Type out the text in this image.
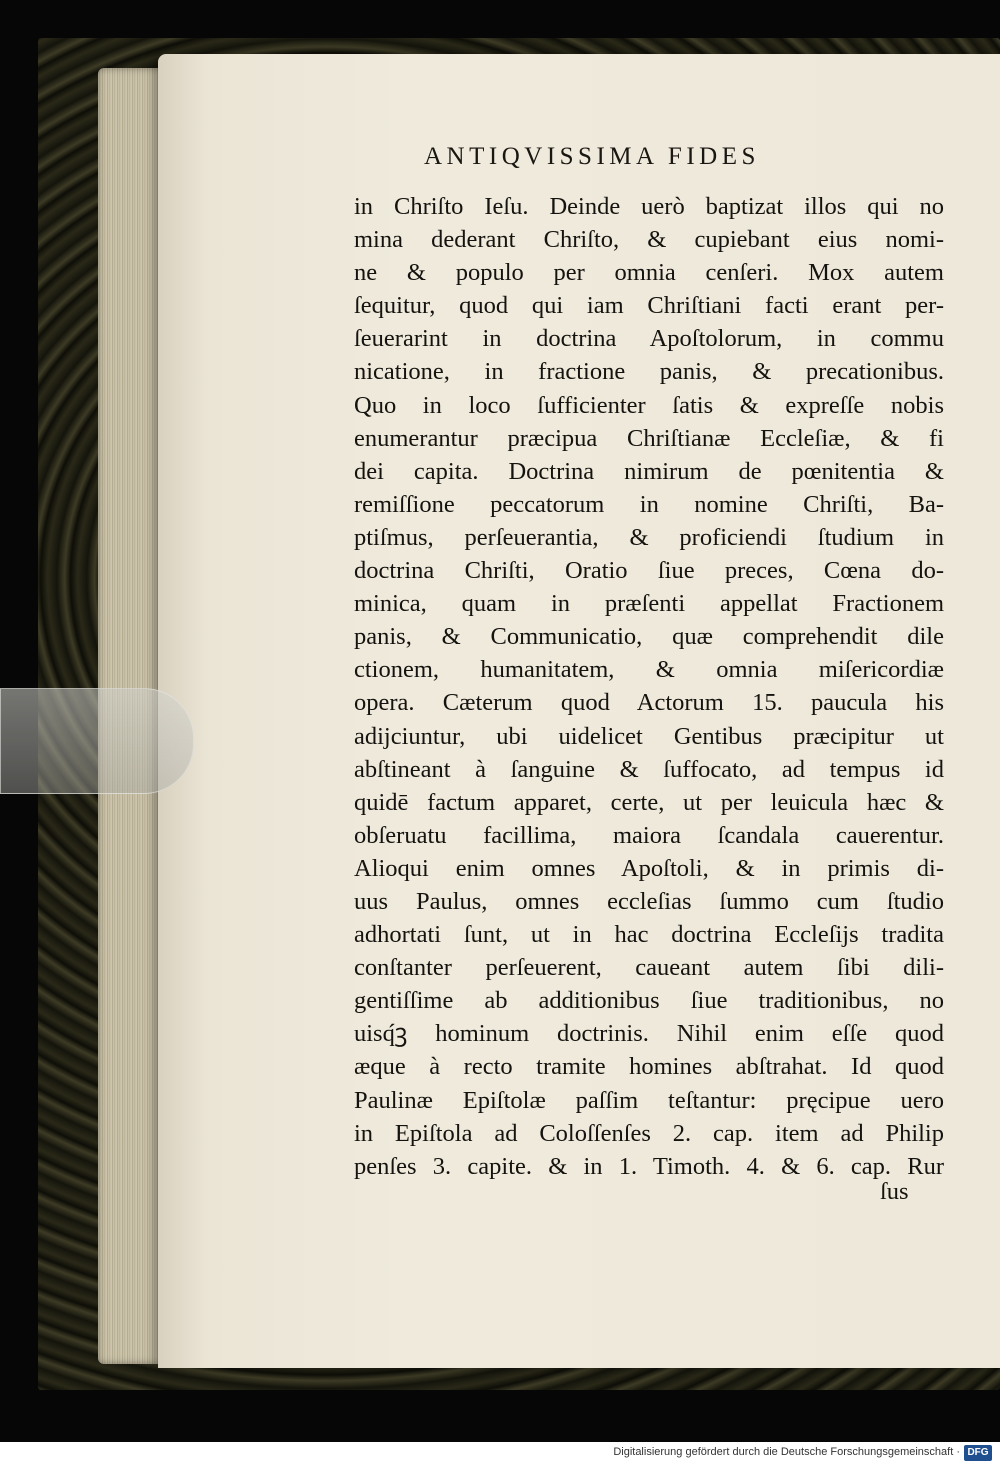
ANTIQVISSIMA FIDES
in Chriſto Ieſu. Deinde uerò baptizat illos qui no
mina dederant Chriſto, & cupiebant eius nomi-
ne & populo per omnia cenſeri. Mox autem
ſequitur, quod qui iam Chriſtiani facti erant per-
ſeuerarint in doctrina Apoſtolorum, in commu
nicatione, in fractione panis, & precationibus.
Quo in loco ſufficienter ſatis & expreſſe nobis
enumerantur præcipua Chriſtianæ Eccleſiæ, & fi
dei capita. Doctrina nimirum de pœnitentia &
remiſſione peccatorum in nomine Chriſti, Ba-
ptiſmus, perſeuerantia, & proficiendi ſtudium in
doctrina Chriſti, Oratio ſiue preces, Cœna do-
minica, quam in præſenti appellat Fractionem
panis, & Communicatio, quæ comprehendit dile
ctionem, humanitatem, & omnia miſericordiæ
opera. Cæterum quod Actorum 15. paucula his
adijciuntur, ubi uidelicet Gentibus præcipitur ut
abſtineant à ſanguine & ſuffocato, ad tempus id
quidē factum apparet, certe, ut per leuicula hæc &
obſeruatu facillima, maiora ſcandala cauerentur.
Alioqui enim omnes Apoſtoli, & in primis di-
uus Paulus, omnes eccleſias ſummo cum ſtudio
adhortati ſunt, ut in hac doctrina Eccleſijs tradita
conſtanter perſeuerent, caueant autem ſibi dili-
gentiſſime ab additionibus ſiue traditionibus, no
uisq́ꝫ hominum doctrinis. Nihil enim eſſe quod
æque à recto tramite homines abſtrahat. Id quod
Paulinæ Epiſtolæ paſſim teſtantur: pręcipue uero
in Epiſtola ad Coloſſenſes 2. cap. item ad Philip
penſes 3. capite. & in 1. Timoth. 4. & 6. cap. Rur
ſus
Digitalisierung gefördert durch die Deutsche Forschungsgemeinschaft · DFG
